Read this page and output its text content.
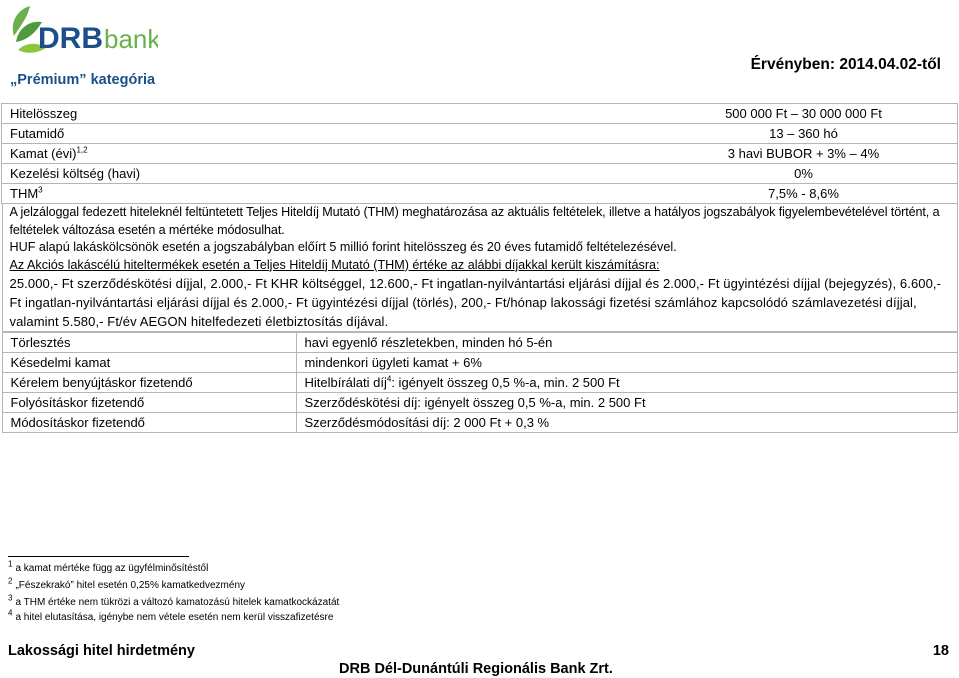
DRB bank
„Prémium” kategória
Érvényben: 2014.04.02-től
Hitelösszeg	500 000 Ft – 30 000 000 Ft
Futamidő	13 – 360 hó
Kamat (évi)$^{1,2}$	3 havi BUBOR + 3% – 4%
Kezelési költség (havi)	0%
THM$^3$	7,5% - 8,6%

A jelzáloggal fedezett hiteleknél feltüntetett Teljes Hiteldíj Mutató (THM) meghatározása az aktuális feltételek, illetve a hatályos jogszabályok figyelembevételével történt, a feltételek változása esetén a mértéke módosulhat.
HUF alapú lakáskölcsönök esetén a jogszabályban előírt 5 millió forint hitelösszeg és 20 éves futamidő feltételezésével.
Az Akciós lakáscélú hiteltermékek esetén a Teljes Hiteldíj Mutató (THM) értéke az alábbi díjakkal került kiszámításra:
25.000,- Ft szerződéskötési díjjal, 2.000,- Ft KHR költséggel, 12.600,- Ft ingatlan-nyilvántartási eljárási díjjal és 2.000,- Ft ügyintézési díjjal (bejegyzés), 6.600,- Ft ingatlan-nyilvántartási eljárási díjjal és 2.000,- Ft ügyintézési díjjal (törlés), 200,- Ft/hónap lakossági fizetési számlához kapcsolódó számlavezetési díjjal, valamint 5.580,- Ft/év AEGON hitelfedezeti életbiztosítás díjával.
Törlesztés	havi egyenlő részletekben, minden hó 5-én
Késedelmi kamat	mindenkori ügyleti kamat + 6%
Kérelem benyújtáskor fizetendő	Hitelbírálati díj$^4$: igényelt összeg 0,5 %-a, min. 2 500 Ft
Folyósításkor fizetendő	Szerződéskötési díj: igényelt összeg 0,5 %-a, min. 2 500 Ft
Módosításkor fizetendő	Szerződésmódosítási díj: 2 000 Ft + 0,3 %
$^1$ a kamat mértéke függ az ügyfélminősítéstől
$^2$ „Fészekrakó” hitel esetén 0,25% kamatkedvezmény
$^3$ a THM értéke nem tükrözi a változó kamatozású hitelek kamatkockázatát
$^4$ a hitel elutasítása, igénybe nem vétele esetén nem kerül visszafizetésre
Lakossági hitel hirdetmény	18
DRB Dél-Dunántúli Regionális Bank Zrt.
